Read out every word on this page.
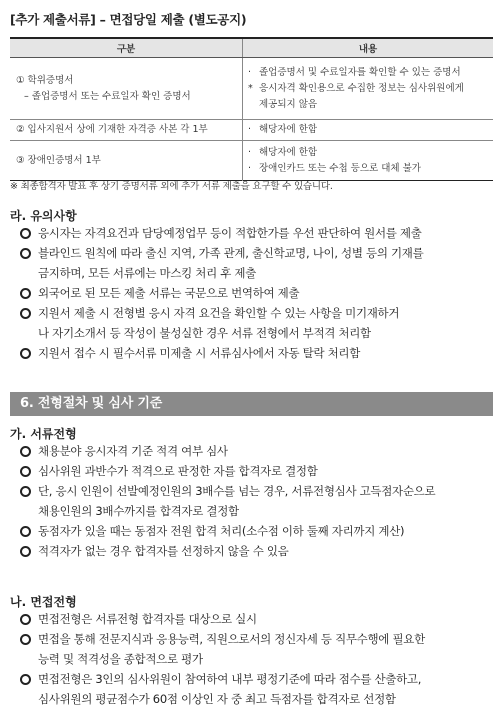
[추가 제출서류] – 면접당일 제출 (별도공지)
구분	내용

① 학위증명서
– 졸업증명서 또는 수료일자 확인 증명서	· 졸업증명서 및 수료일자를 확인할 수 있는 증명서
* 응시자격 확인용으로 수집한 정보는 심사위원에게
제공되지 않음

② 입사지원서 상에 기재한 자격증 사본 각 1부	· 해당자에 한함

③ 장애인증명서 1부	· 해당자에 한함
· 장애인카드 또는 수첩 등으로 대체 불가
※ 최종합격자 발표 후 상기 증명서류 외에 추가 서류 제출을 요구할 수 있습니다.
라. 유의사항
응시자는 자격요건과 담당예정업무 등이 적합한가를 우선 판단하여 원서를 제출
블라인드 원칙에 따라 출신 지역, 가족 관계, 출신학교명, 나이, 성별 등의 기재를
금지하며, 모든 서류에는 마스킹 처리 후 제출
외국어로 된 모든 제출 서류는 국문으로 번역하여 제출
지원서 제출 시 전형별 응시 자격 요건을 확인할 수 있는 사항을 미기재하거
나 자기소개서 등 작성이 불성실한 경우 서류 전형에서 부적격 처리함
지원서 접수 시 필수서류 미제출 시 서류심사에서 자동 탈락 처리함
6. 전형절차 및 심사 기준
가. 서류전형
채용분야 응시자격 기준 적격 여부 심사
심사위원 과반수가 적격으로 판정한 자를 합격자로 결정함
단, 응시 인원이 선발예정인원의 3배수를 넘는 경우, 서류전형심사 고득점자순으로
채용인원의 3배수까지를 합격자로 결정함
동점자가 있을 때는 동점자 전원 합격 처리(소수점 이하 둘째 자리까지 계산)
적격자가 없는 경우 합격자를 선정하지 않을 수 있음
나. 면접전형
면접전형은 서류전형 합격자를 대상으로 실시
면접을 통해 전문지식과 응용능력, 직원으로서의 정신자세 등 직무수행에 필요한
능력 및 적격성을 종합적으로 평가
면접전형은 3인의 심사위원이 참여하여 내부 평정기준에 따라 점수를 산출하고,
심사위원의 평균점수가 60점 이상인 자 중 최고 득점자를 합격자로 선정함
